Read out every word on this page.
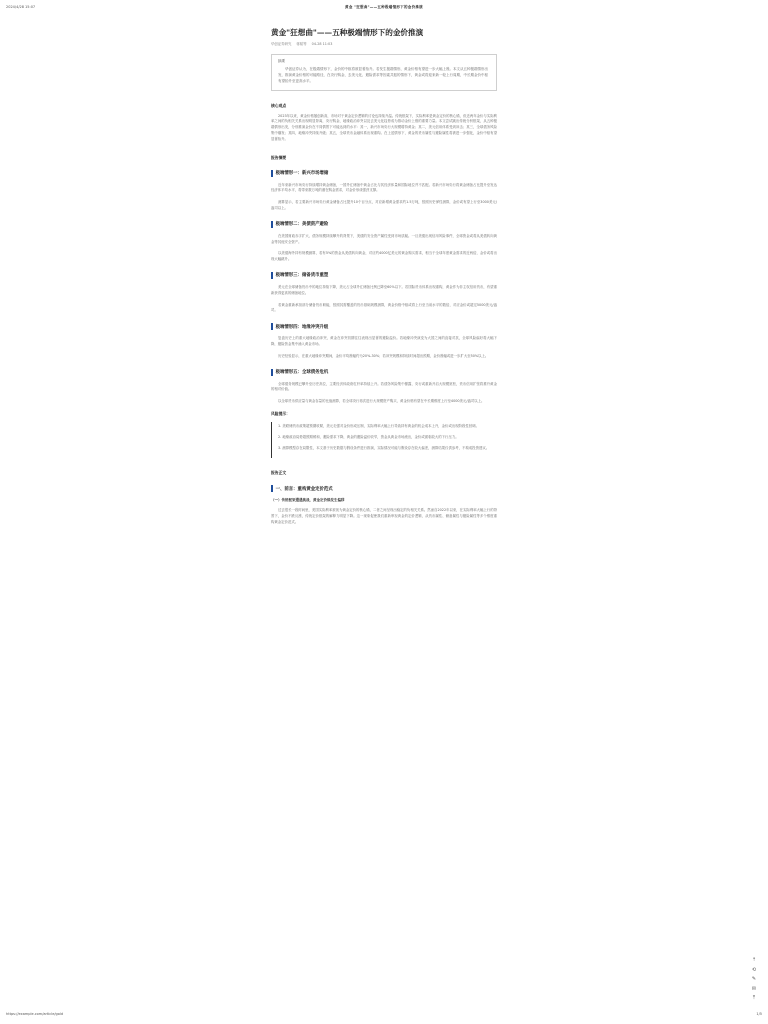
2024/4/28 15:07	黄金 "狂想曲"——五种极端情形下的金价推演
黄金"狂想曲"——五种极端情形下的金价推演
华创证券研究 蒋韬等 04-28 11:03
摘要

华创证券认为，在极端情形下，金价的中枢将被显著抬升。若发生极端情形，黄金价格有望进一步大幅上涨。本文从五种极端情形出发，推演黄金价格的可能路径，在央行购金、去美元化、避险需求等因素共振的情形下，黄金或将迎来新一轮上行周期，中长期金价中枢有望抬升至更高水平。

核心观点

2023年以来，黄金价格屡创新高，市场对于黄金定价逻辑的讨论也持续升温。传统框架下，实际利率是黄金定价的核心锚，但近两年金价与实际利率之间的负相关关系出现明显背离，央行购金、地缘政治冲突以及去美元化趋势成为推动金价上涨的重要力量。本文尝试跳出传统分析框架，从五种极端情形出发，分别推演金价在不同情景下可能达到的水平：其一，新兴市场央行大规模增持黄金；其二，美元信用体系受到冲击；其三，全球债务风险集中爆发；其四，地缘冲突持续升级；其五，全球货币金融体系出现重构。在上述情形下，黄金的货币属性与避险属性将被进一步强化，金价中枢有望显著抬升。

报告摘要
极端情形一：新兴市场增储

近年来新兴市场央行持续增持黄金储备，一国外汇储备中黄金占比与其经济体量和国际地位并不匹配。若新兴市场央行将黄金储备占比提升至发达经济体平均水平，将带来数万吨的潜在购金需求，对金价形成强劲支撑。

测算显示，若主要新兴市场央行黄金储备占比提升10个百分点，对应新增黄金需求约1.5万吨，按照历史弹性测算，金价或有望上行至3000美元/盎司以上。

极端情形二：美债资产避险

在美国财政赤字扩大、债务规模持续攀升的背景下，美债的安全资产属性受到市场质疑。一旦美债出现信用风险事件，全球资金或将从美债转向黄金等其他安全资产。

以美债海外持有规模测算，若有5%的资金从美债转向黄金，对应约4000亿美元的黄金购买需求，相当于全球年度黄金需求的近两倍，金价或将出现大幅跳升。

极端情形三：储备货币重塑

美元在全球储备货币中的地位持续下降，美元占全球外汇储备比例已降至60%以下。若国际货币体系出现重构，黄金作为非主权信用货币，有望重新获得更高的储备地位。

若黄金重新承担部分储备货币职能，按照其需覆盖的货币基础规模测算，黄金价格中枢或将上行至当前水平的数倍，对应金价或超过5000美元/盎司。

极端情形四：地缘冲突升级

复盘历史上的重大地缘政治冲突，黄金在冲突初期往往表现出显著的避险溢价。若地缘冲突演变为大国之间的直接对抗，全球风险偏好将大幅下降，避险资金集中涌入黄金市场。

历史经验显示，在重大地缘冲突期间，金价平均涨幅约为20%-30%；若冲突规模和持续时间超出预期，金价涨幅或进一步扩大至50%以上。

极端情形五：全球债务危机

全球债务规模已攀升至历史高位，主要经济体政府杠杆率持续上升。若债务风险集中暴露，央行或重新开启大规模宽松，货币信用扩张将推升黄金的相对价值。

以全球货币供应量与黄金存量的比值测算，若全球央行再次进行大规模资产购买，黄金价格有望在中长期维度上行至4000美元/盎司以上。

风险提示：

1. 美联储货币政策超预期收紧，美元走强对金价形成压制，实际利率大幅上行导致持有黄金的机会成本上升，金价或出现阶段性回调。

2. 地缘政治局势超预期缓和，避险需求下降，黄金的避险溢价收窄，资金从黄金市场流出，金价或面临较大的下行压力。

3. 测算模型存在局限性，本文基于历史数据与假设条件进行推演，实际情况可能与假设存在较大偏差，测算结果仅供参考，不构成投资建议。

报告正文
一、前言：重构黄金定价范式
（一）传统框架遭遇挑战，黄金定价锚发生偏移

过去很长一段时间里，美国实际利率被视为黄金定价的核心锚，二者之间呈现出稳定的负相关关系。然而自2022年以来，在实际利率大幅上行的背景下，金价不跌反涨，传统定价框架的解释力明显下降。这一现象促使我们重新审视黄金的定价逻辑，从货币属性、储备属性与避险属性等多个维度重构黄金定价范式。

⇡
⟲
✎
✉
⤒
https://example.com/article/gold	1/5
